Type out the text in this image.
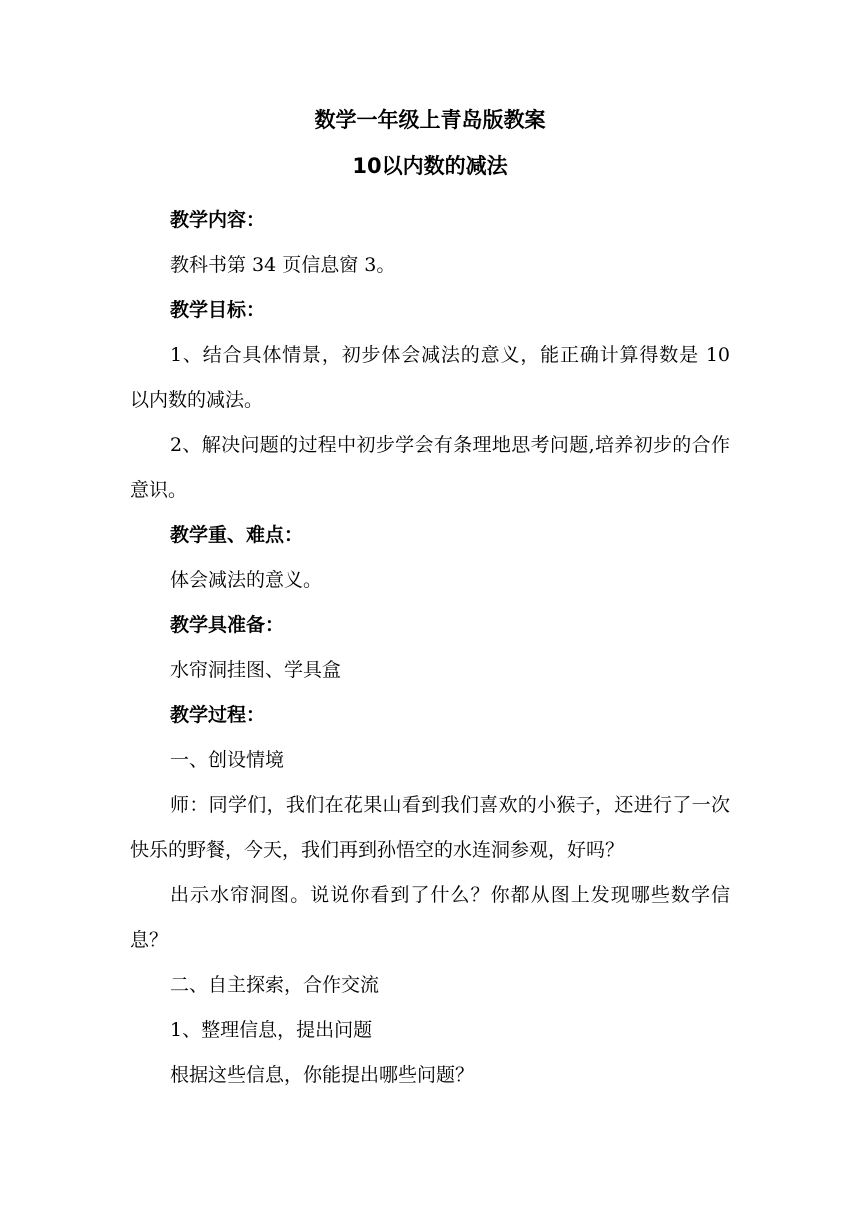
数学一年级上青岛版教案
10以内数的减法

教学内容：

教科书第 34 页信息窗 3。

教学目标：

1、结合具体情景，初步体会减法的意义，能正确计算得数是 10 以内数的减法。

2、解决问题的过程中初步学会有条理地思考问题,培养初步的合作意识。

教学重、难点：

体会减法的意义。

教学具准备：

水帘洞挂图、学具盒

教学过程：

一、创设情境

师：同学们，我们在花果山看到我们喜欢的小猴子，还进行了一次快乐的野餐，今天，我们再到孙悟空的水连洞参观，好吗？

出示水帘洞图。说说你看到了什么？你都从图上发现哪些数学信息？

二、自主探索，合作交流

1、整理信息，提出问题

根据这些信息，你能提出哪些问题？
